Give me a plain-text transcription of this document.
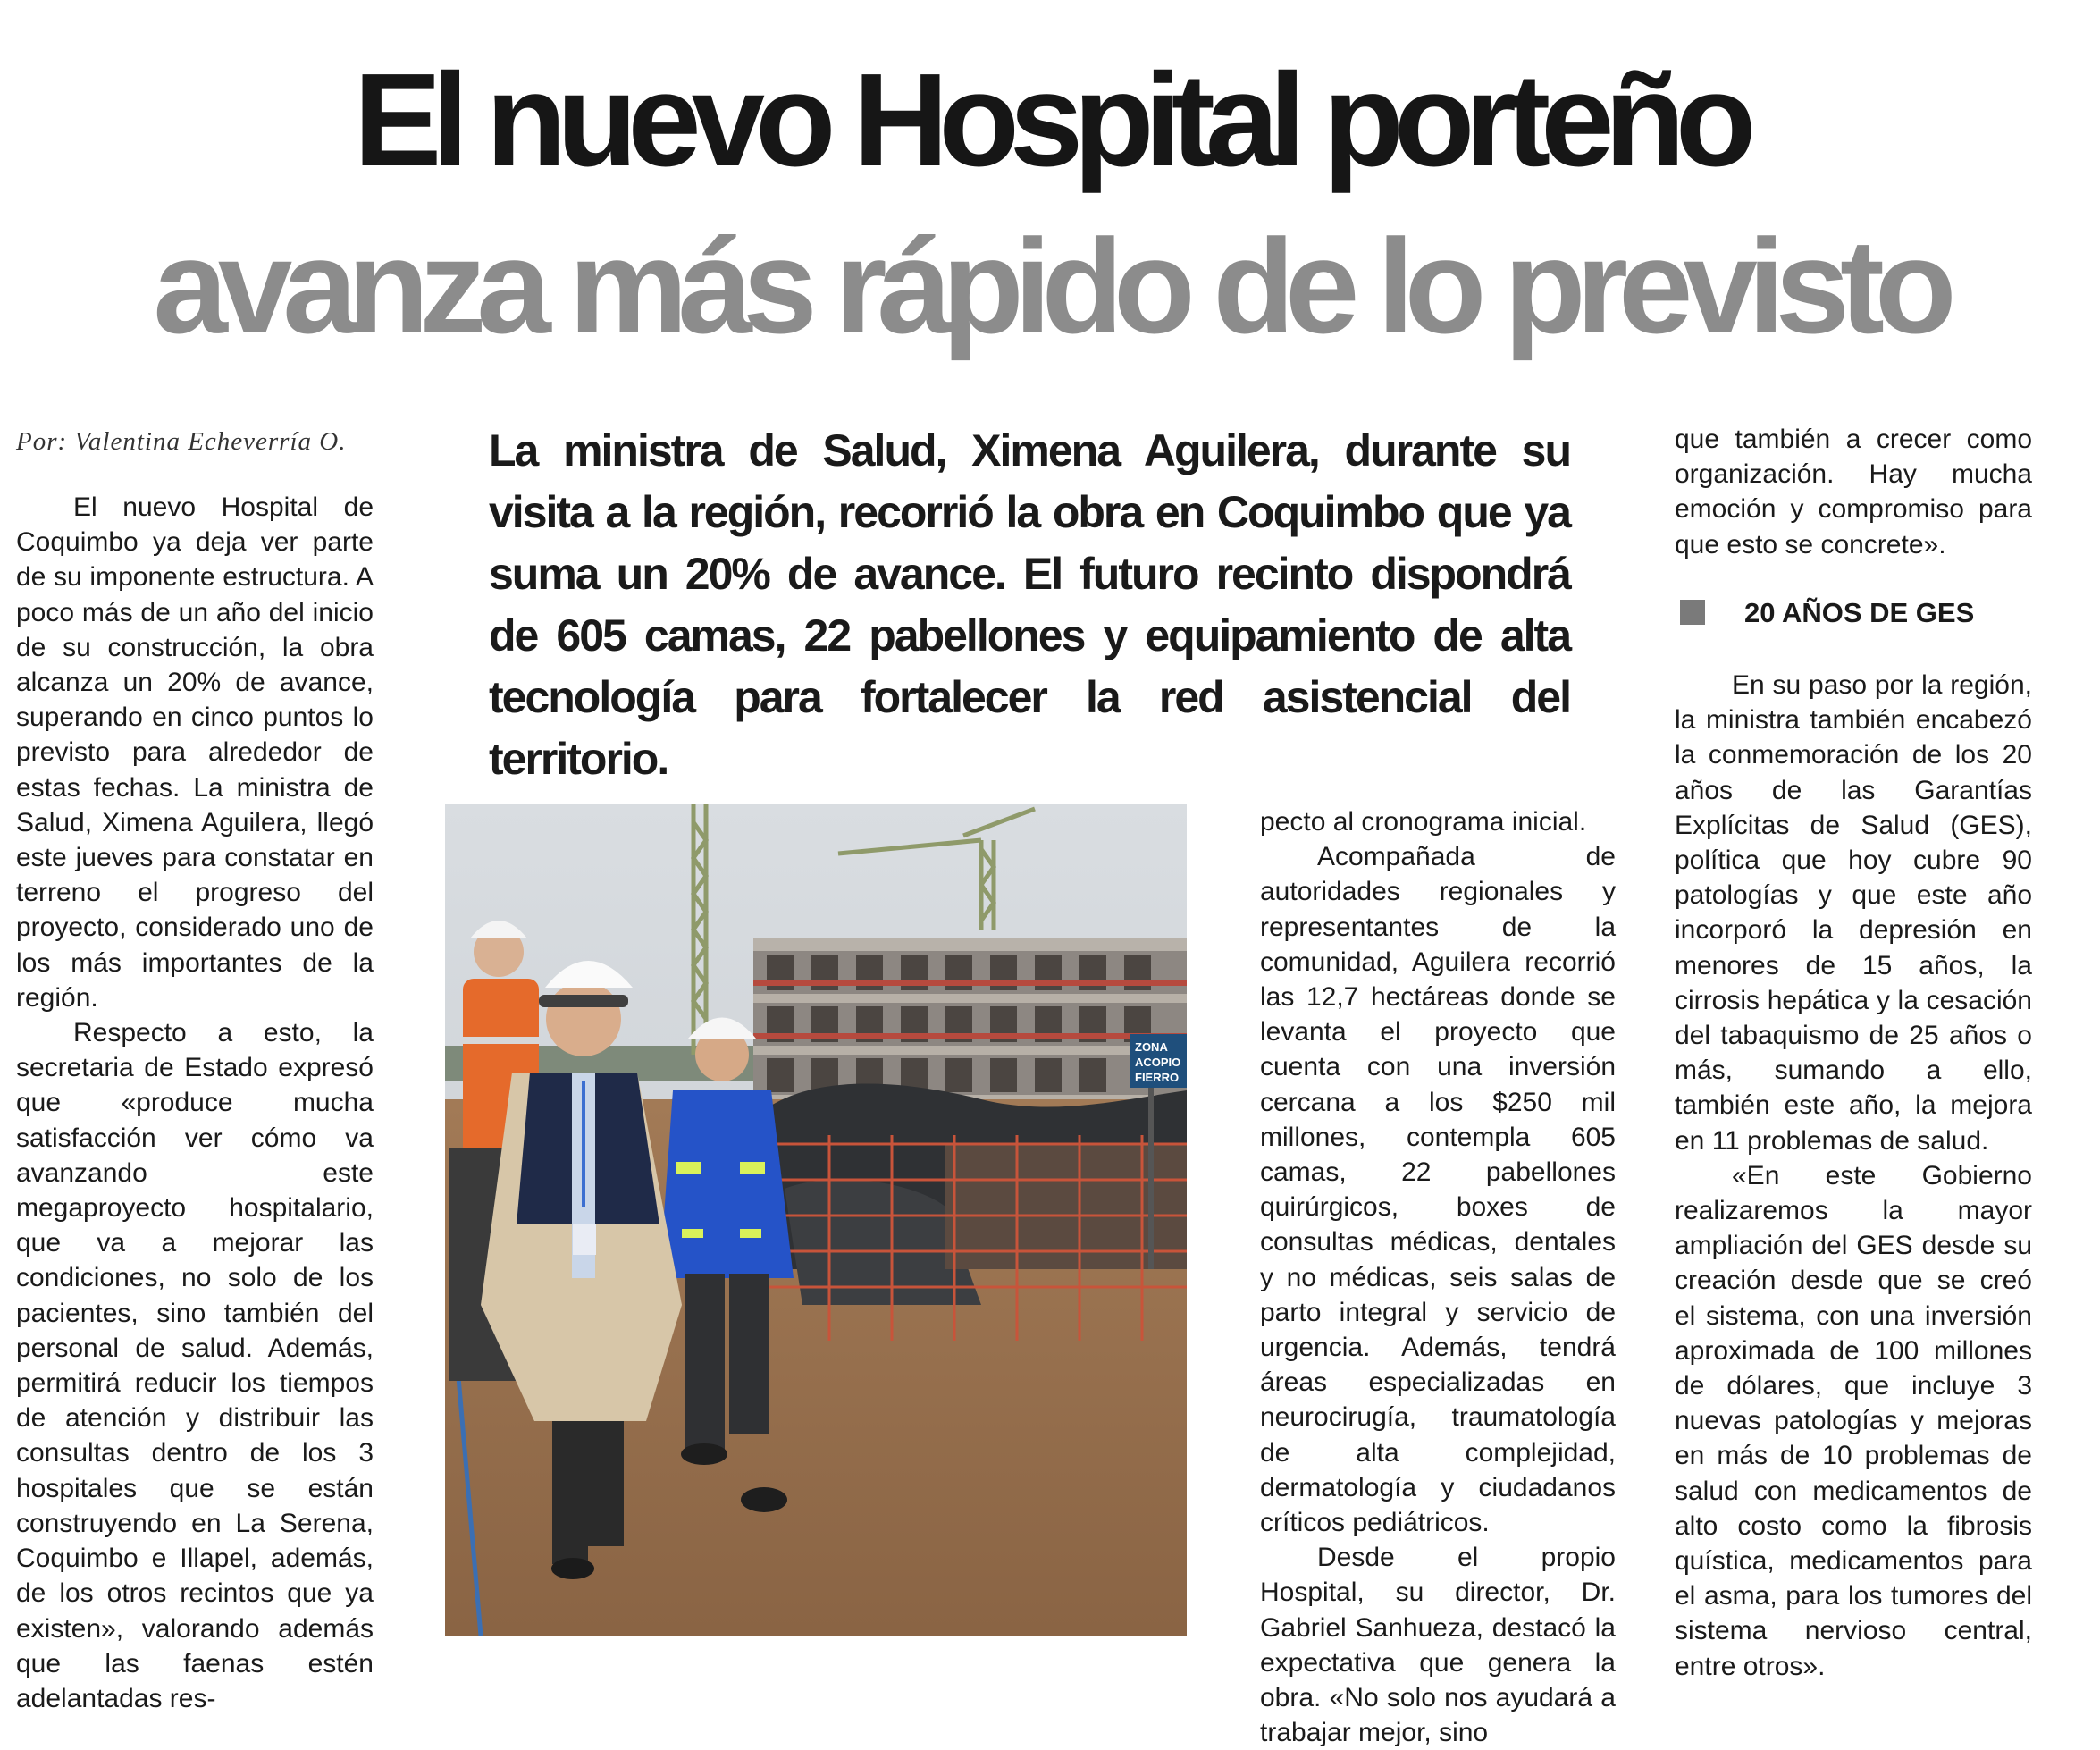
El nuevo Hospital porteño
avanza más rápido de lo previsto
Por: Valentina Echeverría O.

El nuevo Hospital de Coquimbo ya deja ver parte de su imponente estructura. A poco más de un año del inicio de su construcción, la obra alcanza un 20% de avance, superando en cinco puntos lo previsto para alrededor de estas fechas. La ministra de Salud, Ximena Aguilera, llegó este jueves para constatar en terreno el progreso del proyecto, considerado uno de los más importantes de la región.

Respecto a esto, la secretaria de Estado expresó que «produce mucha satisfacción ver cómo va avanzando este megaproyecto hospitalario, que va a mejorar las condiciones, no solo de los pacientes, sino también del personal de salud. Además, permitirá reducir los tiempos de atención y distribuir las consultas dentro de los 3 hospitales que se están construyendo en La Serena, Coquimbo e Illapel, además, de los otros recintos que ya existen», valorando además que las faenas estén adelantadas res-

La ministra de Salud, Ximena Aguilera, durante su visita a la región, recorrió la obra en Coquimbo que ya suma un 20% de avance. El futuro recinto dispondrá de 605 camas, 22 pabellones y equipamiento de alta tecnología para fortalecer la red asistencial del territorio.
ZONA
ACOPIO
FIERRO

pecto al cronograma inicial.

Acompañada de autoridades regionales y representantes de la comunidad, Aguilera recorrió las 12,7 hectáreas donde se levanta el proyecto que cuenta con una inversión cercana a los $250 mil millones, contempla 605 camas, 22 pabellones quirúrgicos, boxes de consultas médicas, dentales y no médicas, seis salas de parto integral y servicio de urgencia. Además, tendrá áreas especializadas en neurocirugía, traumatología de alta complejidad, dermatología y ciudadanos críticos pediátricos.

Desde el propio Hospital, su director, Dr. Gabriel Sanhueza, destacó la expectativa que genera la obra. «No solo nos ayudará a trabajar mejor, sino

que también a crecer como organización. Hay mucha emoción y compromiso para que esto se concrete».

20 AÑOS DE GES

En su paso por la región, la ministra también encabezó la conmemoración de los 20 años de las Garantías Explícitas de Salud (GES), política que hoy cubre 90 patologías y que este año incorporó la depresión en menores de 15 años, la cirrosis hepática y la cesación del tabaquismo de 25 años o más, sumando a ello, también este año, la mejora en 11 problemas de salud.

«En este Gobierno realizaremos la mayor ampliación del GES desde su creación desde que se creó el sistema, con una inversión aproximada de 100 millones de dólares, que incluye 3 nuevas patologías y mejoras en más de 10 problemas de salud con medicamentos de alto costo como la fibrosis quística, medicamentos para el asma, para los tumores del sistema nervioso central, entre otros».
